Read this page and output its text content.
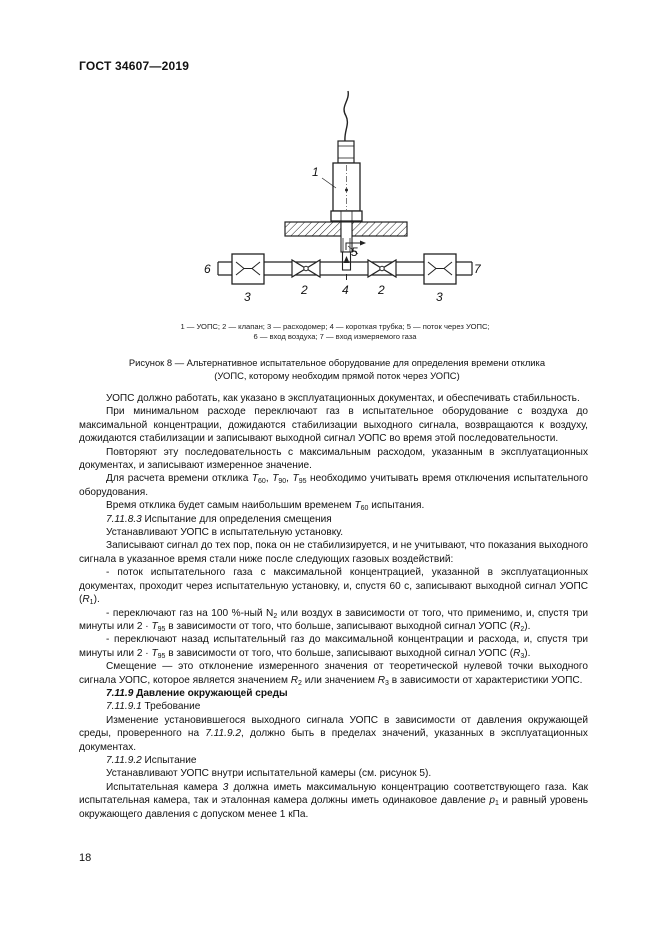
ГОСТ 34607—2019
1
5
6	7
3	2	4 2	3
1 — УОПС; 2 — клапан; 3 — расходомер; 4 — короткая трубка; 5 — поток через УОПС;
6 — вход воздуха; 7 — вход измеряемого газа
Рисунок 8 — Альтернативное испытательное оборудование для определения времени отклика
(УОПС, которому необходим прямой поток через УОПС)

УОПС должно работать, как указано в эксплуатационных документах, и обеспечивать стабильность.

При минимальном расходе переключают газ в испытательное оборудование с воздуха до максимальной концентрации, дожидаются стабилизации выходного сигнала, возвращаются к воздуху, дожидаются стабилизации и записывают выходной сигнал УОПС во время этой последовательности.

Повторяют эту последовательность с максимальным расходом, указанным в эксплуатационных документах, и записывают измеренное значение.

Для расчета времени отклика $T_{60}$, $T_{90}$, $T_{95}$ необходимо учитывать время отключения испытательного оборудования.

Время отклика будет самым наибольшим временем $T_{60}$ испытания.

7.11.8.3 Испытание для определения смещения

Устанавливают УОПС в испытательную установку.

Записывают сигнал до тех пор, пока он не стабилизируется, и не учитывают, что показания выходного сигнала в указанное время стали ниже после следующих газовых воздействий:

- поток испытательного газа с максимальной концентрацией, указанной в эксплуатационных документах, проходит через испытательную установку, и, спустя 60 с, записывают выходной сигнал УОПС $(R_1)$.

- переключают газ на 100 %-ный $N_2$ или воздух в зависимости от того, что применимо, и, спустя три минуты или $2 \cdot T_{95}$ в зависимости от того, что больше, записывают выходной сигнал УОПС $(R_2)$.

- переключают назад испытательный газ до максимальной концентрации и расхода, и, спустя три минуты или $2 \cdot T_{95}$ в зависимости от того, что больше, записывают выходной сигнал УОПС $(R_3)$.

Смещение — это отклонение измеренного значения от теоретической нулевой точки выходного сигнала УОПС, которое является значением $R_2$ или значением $R_3$ в зависимости от характеристики УОПС.

7.11.9 Давление окружающей среды

7.11.9.1 Требование

Изменение установившегося выходного сигнала УОПС в зависимости от давления окружающей среды, проверенного на 7.11.9.2, должно быть в пределах значений, указанных в эксплуатационных документах.

7.11.9.2 Испытание

Устанавливают УОПС внутри испытательной камеры (см. рисунок 5).

Испытательная камера 3 должна иметь максимальную концентрацию соответствующего газа. Как испытательная камера, так и эталонная камера должны иметь одинаковое давление $p_1$ и равный уровень окружающего давления с допуском менее 1 кПа.

18
